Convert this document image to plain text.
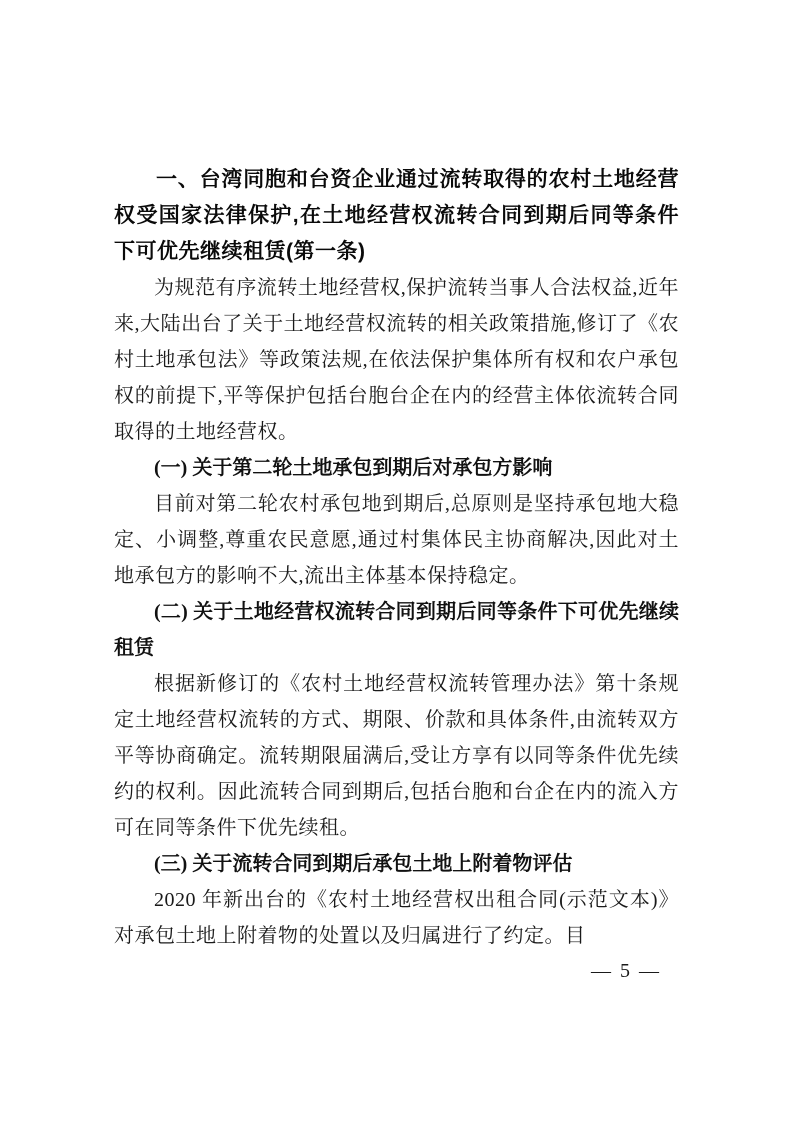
一、台湾同胞和台资企业通过流转取得的农村土地经营权受国家法律保护,在土地经营权流转合同到期后同等条件下可优先继续租赁(第一条)

为规范有序流转土地经营权,保护流转当事人合法权益,近年来,大陆出台了关于土地经营权流转的相关政策措施,修订了《农村土地承包法》等政策法规,在依法保护集体所有权和农户承包权的前提下,平等保护包括台胞台企在内的经营主体依流转合同取得的土地经营权。

(一) 关于第二轮土地承包到期后对承包方影响

目前对第二轮农村承包地到期后,总原则是坚持承包地大稳定、小调整,尊重农民意愿,通过村集体民主协商解决,因此对土地承包方的影响不大,流出主体基本保持稳定。

(二) 关于土地经营权流转合同到期后同等条件下可优先继续租赁

根据新修订的《农村土地经营权流转管理办法》第十条规定土地经营权流转的方式、期限、价款和具体条件,由流转双方平等协商确定。流转期限届满后,受让方享有以同等条件优先续约的权利。因此流转合同到期后,包括台胞和台企在内的流入方可在同等条件下优先续租。

(三) 关于流转合同到期后承包土地上附着物评估

2020 年新出台的《农村土地经营权出租合同(示范文本)》对承包土地上附着物的处置以及归属进行了约定。目

— 5 —
